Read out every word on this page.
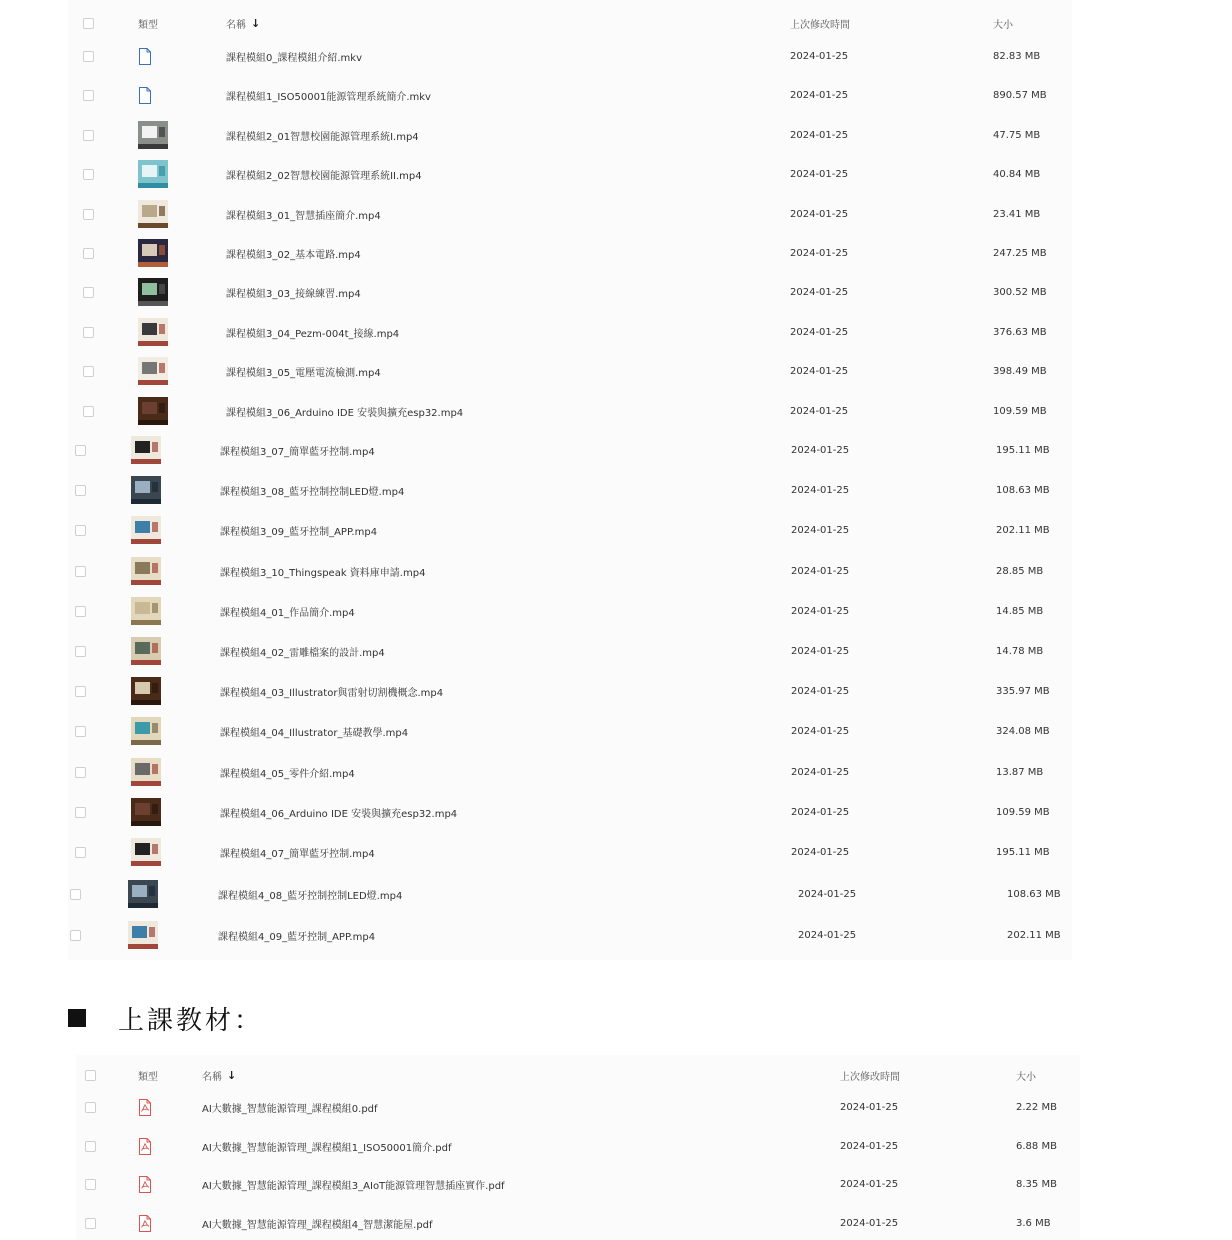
類型	名稱 ↓	上次修改時間	大小
課程模組0_課程模組介紹.mkv	2024-01-25	82.83 MB
課程模組1_ISO50001能源管理系統簡介.mkv	2024-01-25	890.57 MB
課程模組2_01智慧校園能源管理系統I.mp4	2024-01-25	47.75 MB
課程模組2_02智慧校園能源管理系統II.mp4	2024-01-25	40.84 MB
課程模組3_01_智慧插座簡介.mp4	2024-01-25	23.41 MB
課程模組3_02_基本電路.mp4	2024-01-25	247.25 MB
課程模組3_03_接線練習.mp4	2024-01-25	300.52 MB
課程模組3_04_Pezm-004t_接線.mp4	2024-01-25	376.63 MB
課程模組3_05_電壓電流檢測.mp4	2024-01-25	398.49 MB
課程模組3_06_Arduino IDE 安裝與擴充esp32.mp4	2024-01-25	109.59 MB
課程模組3_07_簡單藍牙控制.mp4	2024-01-25	195.11 MB
課程模組3_08_藍牙控制控制LED燈.mp4	2024-01-25	108.63 MB
課程模組3_09_藍牙控制_APP.mp4	2024-01-25	202.11 MB
課程模組3_10_Thingspeak 資料庫申請.mp4	2024-01-25	28.85 MB
課程模組4_01_作品簡介.mp4	2024-01-25	14.85 MB
課程模組4_02_雷雕檔案的設計.mp4	2024-01-25	14.78 MB
課程模組4_03_Illustrator與雷射切割機概念.mp4	2024-01-25	335.97 MB
課程模組4_04_Illustrator_基礎教學.mp4	2024-01-25	324.08 MB
課程模組4_05_零件介紹.mp4	2024-01-25	13.87 MB
課程模組4_06_Arduino IDE 安裝與擴充esp32.mp4	2024-01-25	109.59 MB
課程模組4_07_簡單藍牙控制.mp4	2024-01-25	195.11 MB
課程模組4_08_藍牙控制控制LED燈.mp4	2024-01-25	108.63 MB
課程模組4_09_藍牙控制_APP.mp4	2024-01-25	202.11 MB
上課教材：
類型	名稱 ↓	上次修改時間	大小
AI大數據_智慧能源管理_課程模組0.pdf	2024-01-25	2.22 MB
AI大數據_智慧能源管理_課程模組1_ISO50001簡介.pdf	2024-01-25	6.88 MB
AI大數據_智慧能源管理_課程模組3_AIoT能源管理智慧插座實作.pdf	2024-01-25	8.35 MB
AI大數據_智慧能源管理_課程模組4_智慧潔能屋.pdf	2024-01-25	3.6 MB
